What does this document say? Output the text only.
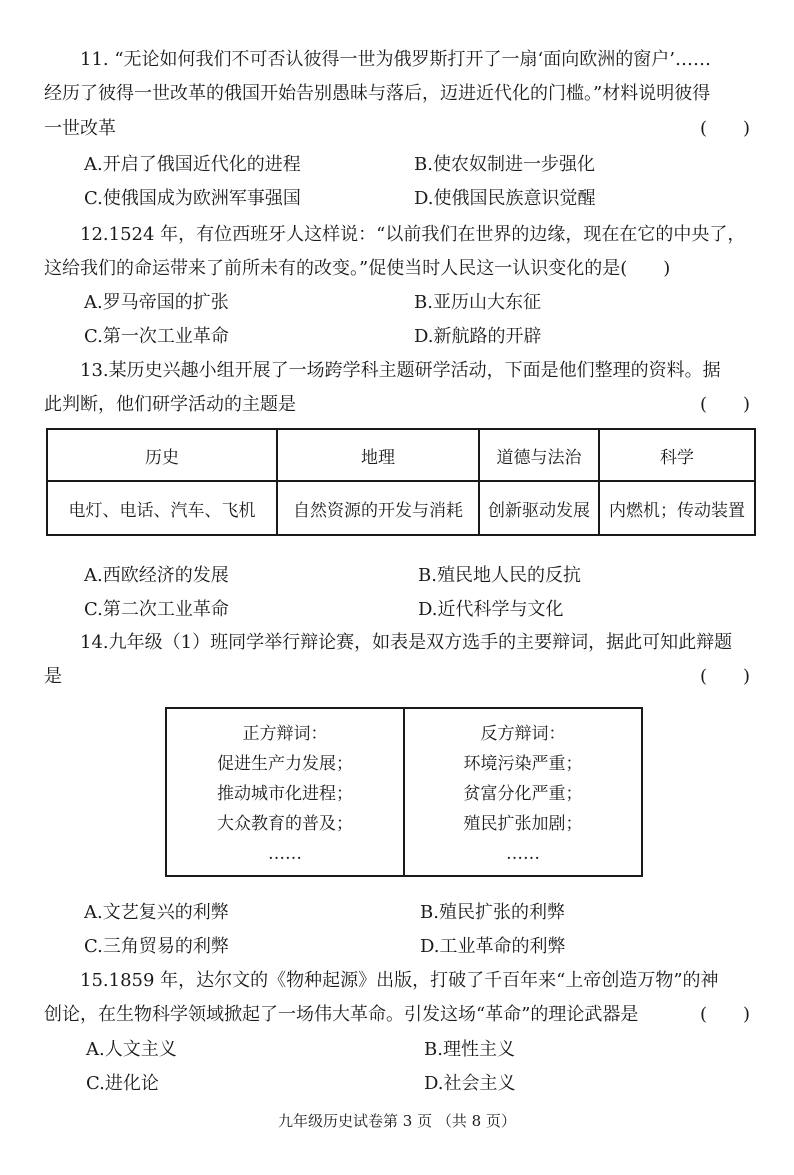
11. “无论如何我们不可否认彼得一世为俄罗斯打开了一扇‘面向欧洲的窗户’……
经历了彼得一世改革的俄国开始告别愚昧与落后，迈进近代化的门槛。”材料说明彼得
一世改革	(　　)
A.开启了俄国近代化的进程	B.使农奴制进一步强化
C.使俄国成为欧洲军事强国	D.使俄国民族意识觉醒
12.1524 年，有位西班牙人这样说：“以前我们在世界的边缘，现在在它的中央了，
这给我们的命运带来了前所未有的改变。”促使当时人民这一认识变化的是(　　)
A.罗马帝国的扩张	B.亚历山大东征
C.第一次工业革命	D.新航路的开辟
13.某历史兴趣小组开展了一场跨学科主题研学活动，下面是他们整理的资料。据
此判断，他们研学活动的主题是	(　　)
历史	地理	道德与法治	科学
电灯、电话、汽车、飞机	自然资源的开发与消耗	创新驱动发展	内燃机；传动装置
A.西欧经济的发展	B.殖民地人民的反抗
C.第二次工业革命	D.近代科学与文化
14.九年级（1）班同学举行辩论赛，如表是双方选手的主要辩词，据此可知此辩题
是	(　　)
正方辩词：
促进生产力发展；
推动城市化进程；
大众教育的普及；
……

反方辩词：
环境污染严重；
贫富分化严重；
殖民扩张加剧；
……
A.文艺复兴的利弊	B.殖民扩张的利弊
C.三角贸易的利弊	D.工业革命的利弊
15.1859 年，达尔文的《物种起源》出版，打破了千百年来“上帝创造万物”的神
创论，在生物科学领域掀起了一场伟大革命。引发这场“革命”的理论武器是	(　　)
A.人文主义	B.理性主义
C.进化论	D.社会主义
九年级历史试卷第 3 页 （共 8 页）
